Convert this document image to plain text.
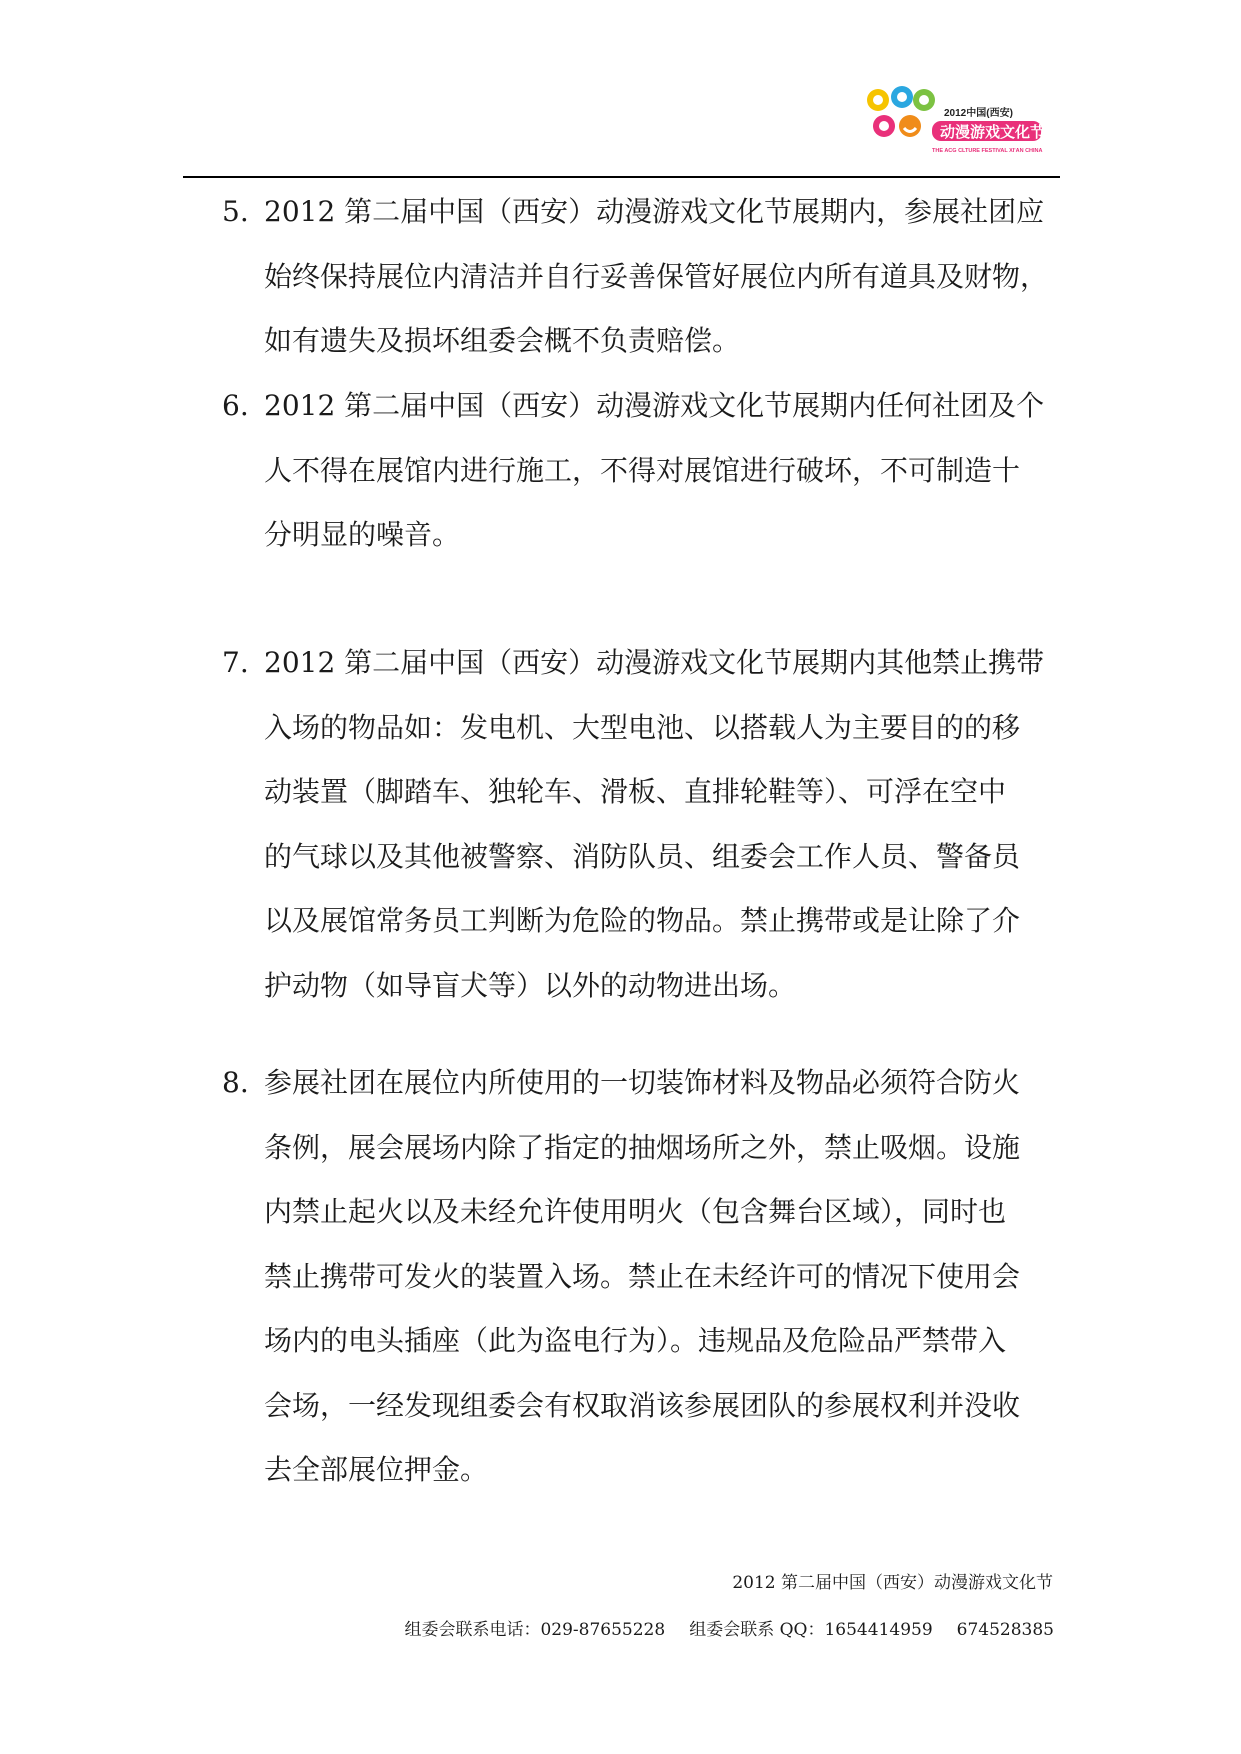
2012中国(西安)
动漫游戏文化节
THE ACG CLTURE FESTIVAL XI'AN CHINA
5. 2012 第二届中国（西安）动漫游戏文化节展期内，参展社团应
始终保持展位内清洁并自行妥善保管好展位内所有道具及财物，
如有遗失及损坏组委会概不负责赔偿。
6. 2012 第二届中国（西安）动漫游戏文化节展期内任何社团及个
人不得在展馆内进行施工，不得对展馆进行破坏，不可制造十
分明显的噪音。
7. 2012 第二届中国（西安）动漫游戏文化节展期内其他禁止携带
入场的物品如：发电机、大型电池、以搭载人为主要目的的移
动装置（脚踏车、独轮车、滑板、直排轮鞋等）、可浮在空中
的气球以及其他被警察、消防队员、组委会工作人员、警备员
以及展馆常务员工判断为危险的物品。禁止携带或是让除了介
护动物（如导盲犬等）以外的动物进出场。
8. 参展社团在展位内所使用的一切装饰材料及物品必须符合防火
条例，展会展场内除了指定的抽烟场所之外，禁止吸烟。设施
内禁止起火以及未经允许使用明火（包含舞台区域），同时也
禁止携带可发火的装置入场。禁止在未经许可的情况下使用会
场内的电头插座（此为盗电行为）。违规品及危险品严禁带入
会场，一经发现组委会有权取消该参展团队的参展权利并没收
去全部展位押金。
2012 第二届中国（西安）动漫游戏文化节
组委会联系电话：029-87655228 组委会联系 QQ：1654414959 674528385
